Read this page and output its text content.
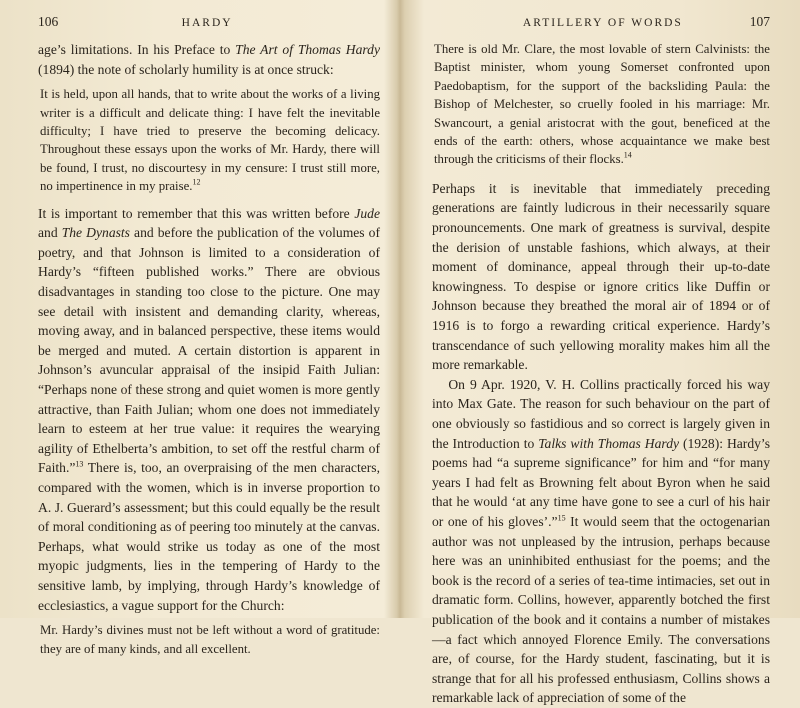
106	HARDY

age’s limitations. In his Preface to The Art of Thomas Hardy (1894) the note of scholarly humility is at once struck:

It is held, upon all hands, that to write about the works of a living writer is a difficult and delicate thing: I have felt the inevitable difficulty; I have tried to preserve the becoming delicacy. Throughout these essays upon the works of Mr. Hardy, there will be found, I trust, no discourtesy in my censure: I trust still more, no impertinence in my praise.$^{12}$

It is important to remember that this was written before Jude and The Dynasts and before the publication of the volumes of poetry, and that Johnson is limited to a consideration of Hardy’s “fifteen published works.” There are obvious disadvantages in standing too close to the picture. One may see detail with insistent and demanding clarity, whereas, moving away, and in balanced perspective, these items would be merged and muted. A certain distortion is apparent in Johnson’s avuncular appraisal of the insipid Faith Julian: “Perhaps none of these strong and quiet women is more gently attractive, than Faith Julian; whom one does not immediately learn to esteem at her true value: it requires the wearying agility of Ethelberta’s ambition, to set off the restful charm of Faith.”$^{13}$ There is, too, an overpraising of the men characters, compared with the women, which is in inverse proportion to A. J. Guerard’s assessment; but this could equally be the result of moral conditioning as of peering too minutely at the canvas. Perhaps, what would strike us today as one of the most myopic judgments, lies in the tempering of Hardy to the sensitive lamb, by implying, through Hardy’s knowledge of ecclesiastics, a vague support for the Church:

Mr. Hardy’s divines must not be left without a word of gratitude: they are of many kinds, and all excellent.
ARTILLERY OF WORDS	107
There is old Mr. Clare, the most lovable of stern Calvinists: the Baptist minister, whom young Somerset confronted upon Paedobaptism, for the support of the backsliding Paula: the Bishop of Melchester, so cruelly fooled in his marriage: Mr. Swancourt, a genial aristocrat with the gout, beneficed at the ends of the earth: others, whose acquaintance we make best through the criticisms of their flocks.$^{14}$

Perhaps it is inevitable that immediately preceding generations are faintly ludicrous in their necessarily square pronouncements. One mark of greatness is survival, despite the derision of unstable fashions, which always, at their moment of dominance, appeal through their up-to-date knowingness. To despise or ignore critics like Duffin or Johnson because they breathed the moral air of 1894 or of 1916 is to forgo a rewarding critical experience. Hardy’s transcendance of such yellowing morality makes him all the more remarkable.

On 9 Apr. 1920, V. H. Collins practically forced his way into Max Gate. The reason for such behaviour on the part of one obviously so fastidious and so correct is largely given in the Introduction to Talks with Thomas Hardy (1928): Hardy’s poems had “a supreme significance” for him and “for many years I had felt as Browning felt about Byron when he said that he would ‘at any time have gone to see a curl of his hair or one of his gloves’.”$^{15}$ It would seem that the octogenarian author was not unpleased by the intrusion, perhaps because here was an uninhibited enthusiast for the poems; and the book is the record of a series of tea-time intimacies, set out in dramatic form. Collins, however, apparently botched the first publication of the book and it contains a number of mistakes—a fact which annoyed Florence Emily. The conversations are, of course, for the Hardy student, fascinating, but it is strange that for all his professed enthusiasm, Collins shows a remarkable lack of appreciation of some of the
